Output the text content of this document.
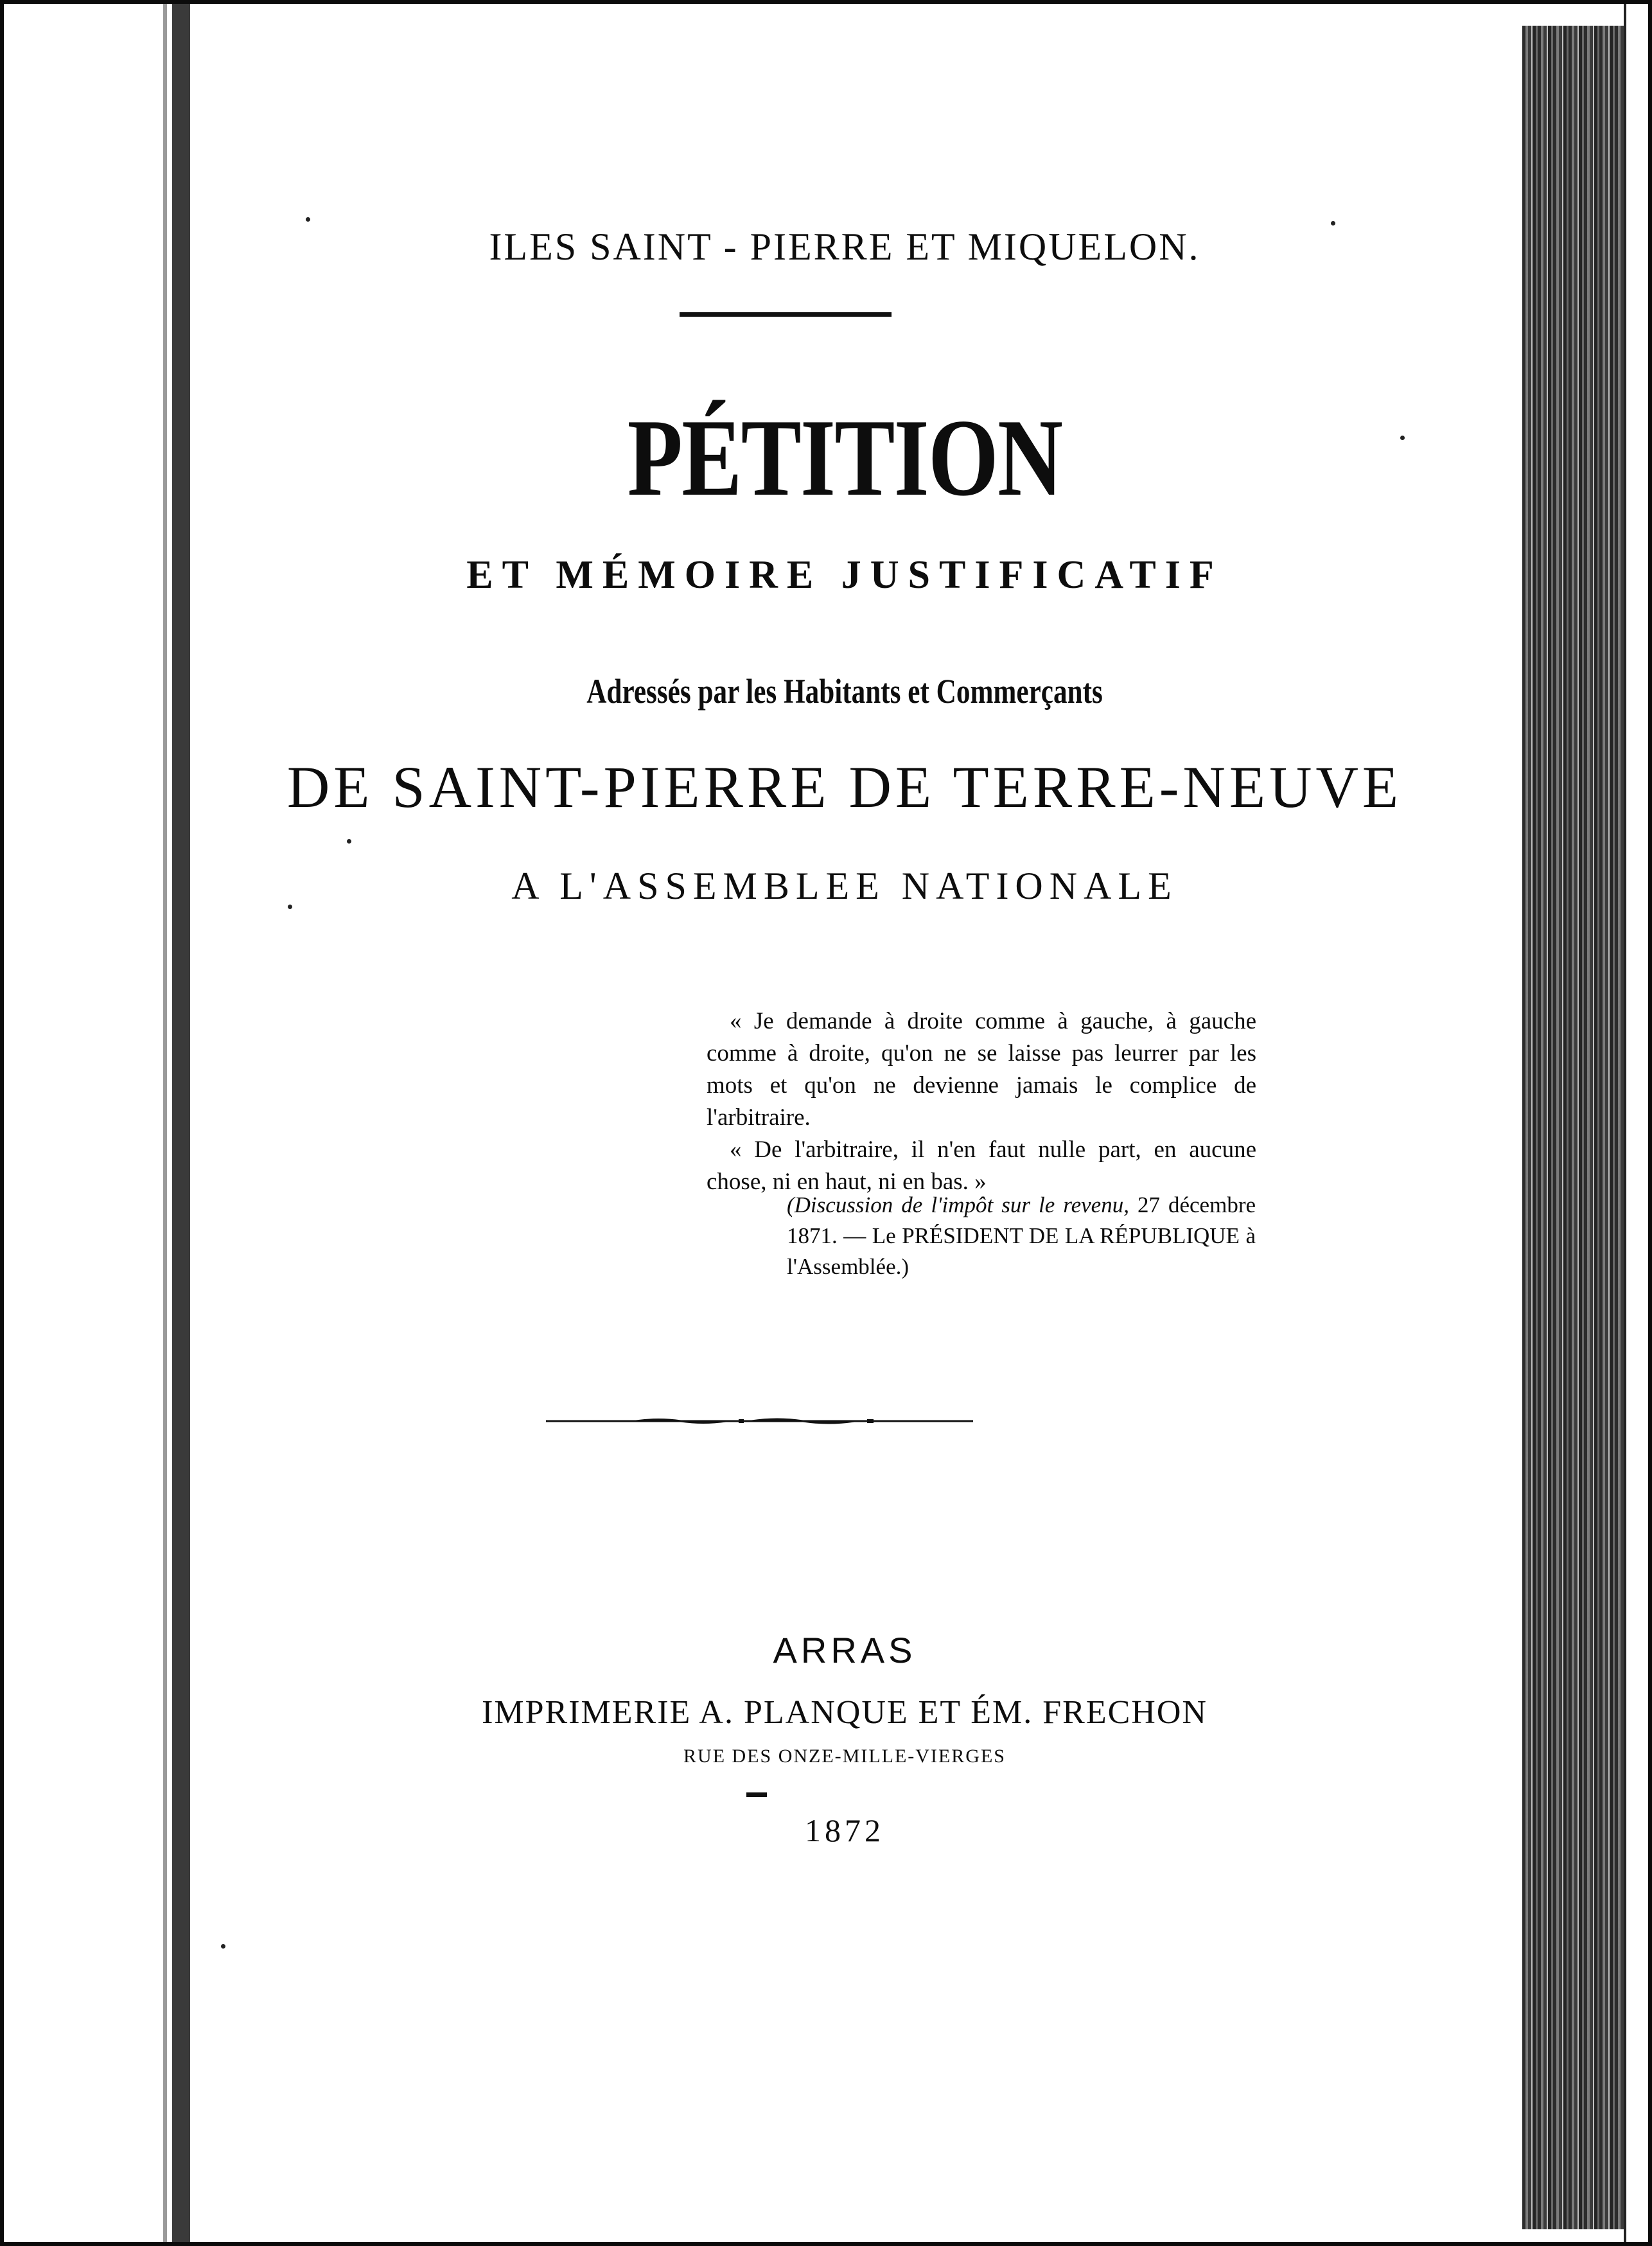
ILES SAINT - PIERRE ET MIQUELON.
PÉTITION
ET MÉMOIRE JUSTIFICATIF
Adressés par les Habitants et Commerçants
DE SAINT-PIERRE DE TERRE-NEUVE
A L'ASSEMBLEE NATIONALE

« Je demande à droite comme à gauche, à gauche comme à droite, qu'on ne se laisse pas leurrer par les mots et qu'on ne devienne jamais le complice de l'arbitraire.

« De l'arbitraire, il n'en faut nulle part, en aucune chose, ni en haut, ni en bas. »

(Discussion de l'impôt sur le revenu, 27 décembre 1871. — Le PRÉSIDENT DE LA RÉPUBLIQUE à l'Assemblée.)
ARRAS
IMPRIMERIE A. PLANQUE ET ÉM. FRECHON
RUE DES ONZE-MILLE-VIERGES
1872
